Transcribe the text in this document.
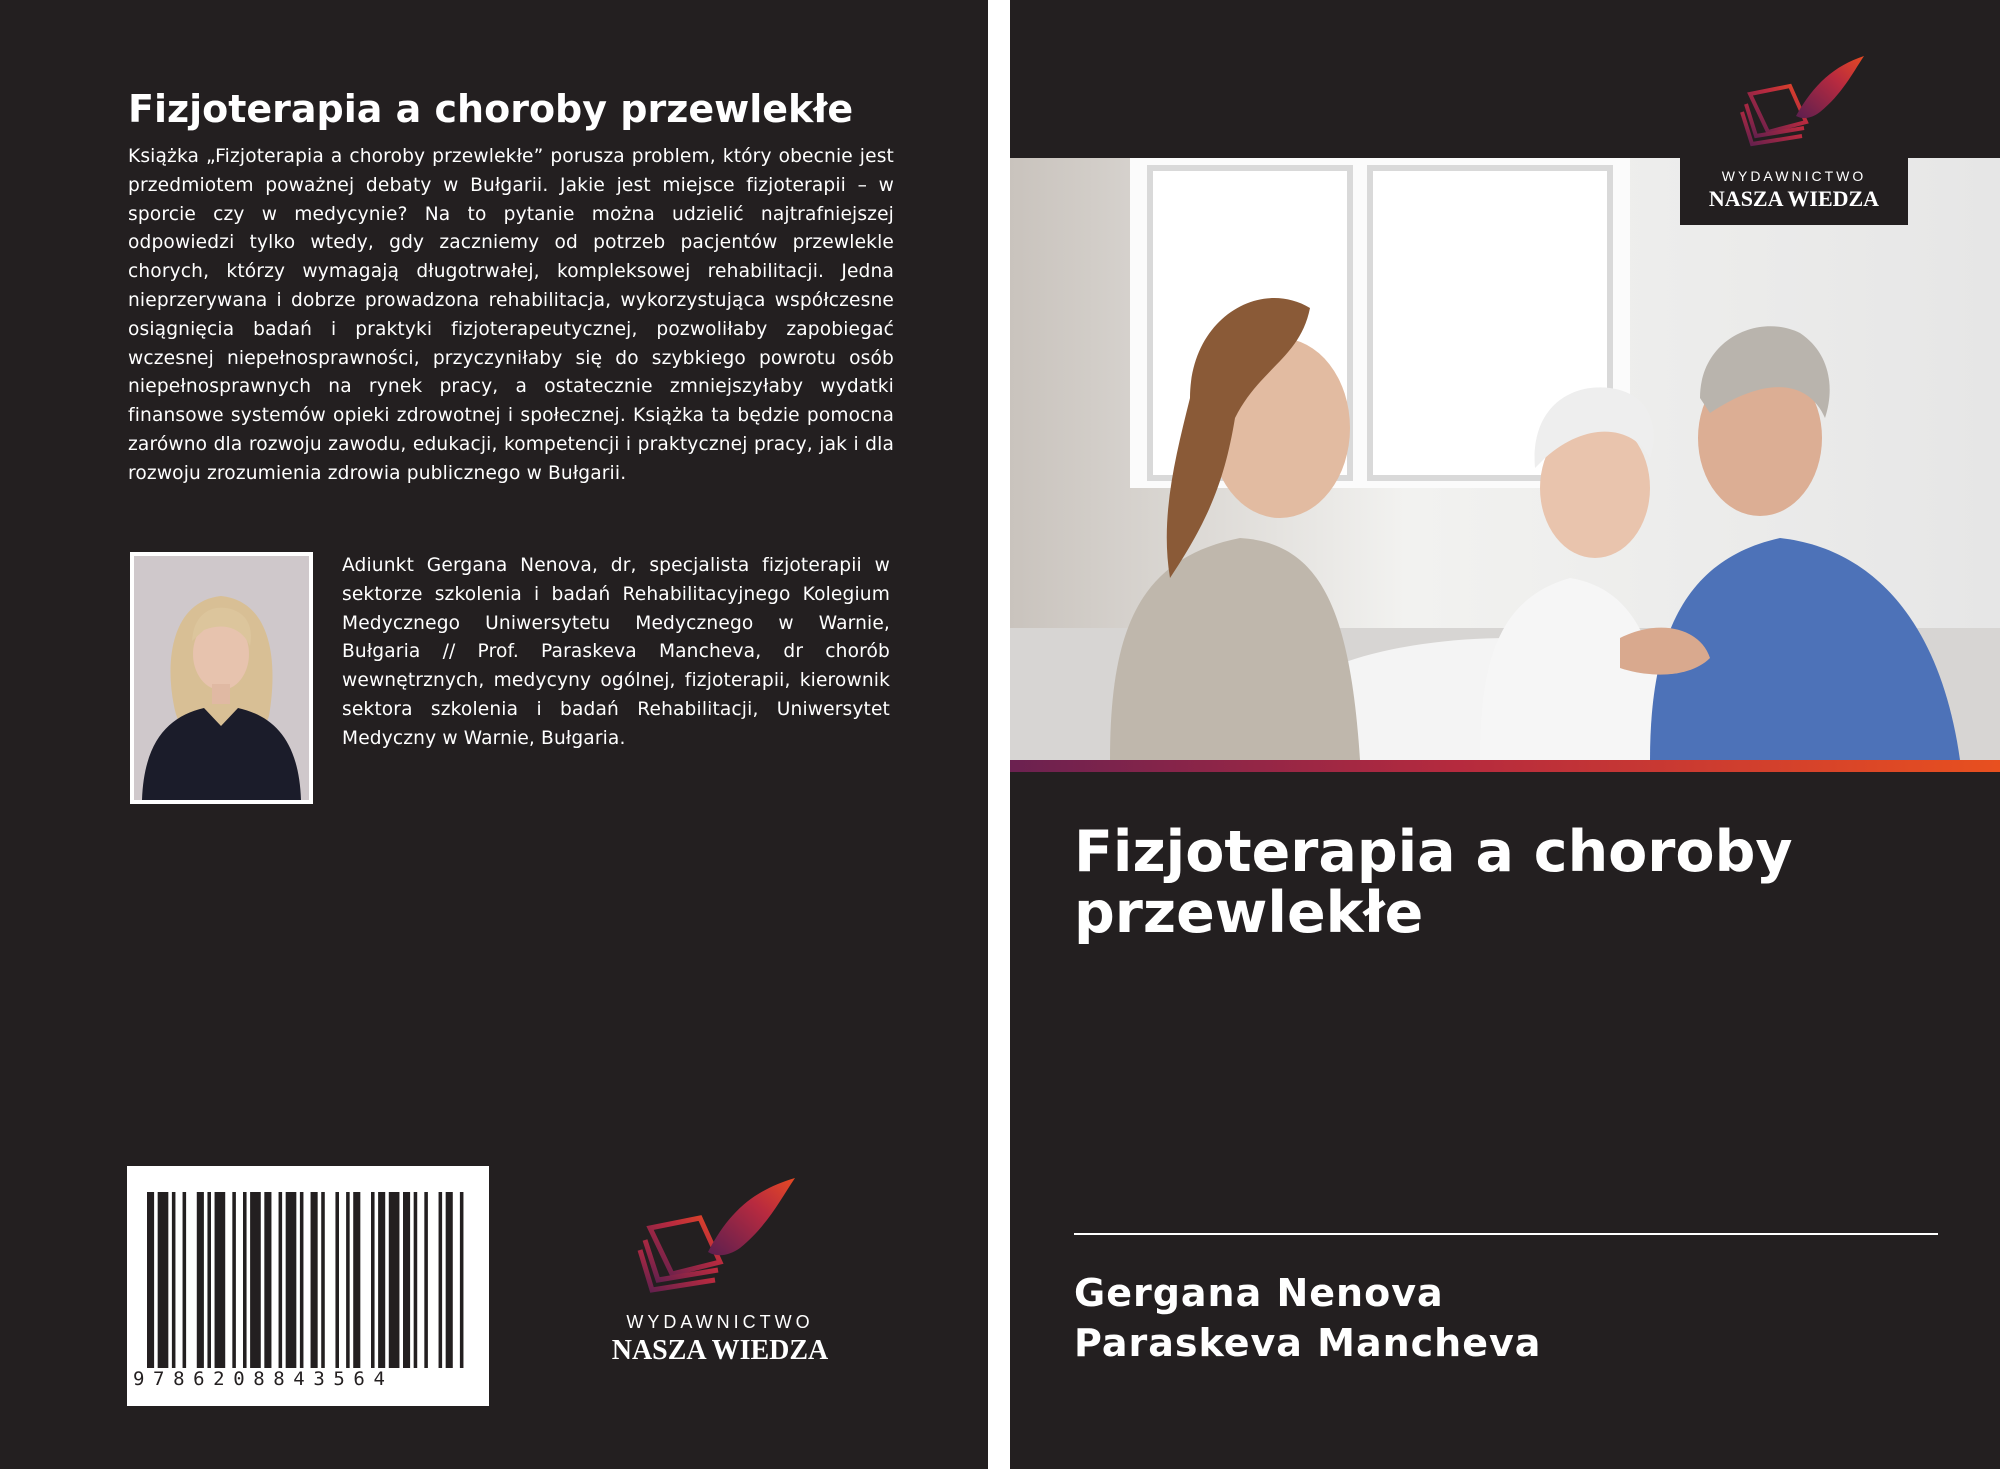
Fizjoterapia a choroby przewlekłe
Książka „Fizjoterapia a choroby przewlekłe” porusza problem, który obecnie jest przedmiotem poważnej debaty w Bułgarii. Jakie jest miejsce fizjoterapii – w sporcie czy w medycynie? Na to pytanie można udzielić najtrafniejszej odpowiedzi tylko wtedy, gdy zaczniemy od potrzeb pacjentów przewlekle chorych, którzy wymagają długotrwałej, kompleksowej rehabilitacji. Jedna nieprzerywana i dobrze prowadzona rehabilitacja, wykorzystująca współczesne osiągnięcia badań i praktyki fizjoterapeutycznej, pozwoliłaby zapobiegać wczesnej niepełnosprawności, przyczyniłaby się do szybkiego powrotu osób niepełnosprawnych na rynek pracy, a ostatecznie zmniejszyłaby wydatki finansowe systemów opieki zdrowotnej i społecznej. Książka ta będzie pomocna zarówno dla rozwoju zawodu, edukacji, kompetencji i praktycznej pracy, jak i dla rozwoju zrozumienia zdrowia publicznego w Bułgarii.
Adiunkt Gergana Nenova, dr, specjalista fizjoterapii w sektorze szkolenia i badań Rehabilitacyjnego Kolegium Medycznego Uniwersytetu Medycznego w Warnie, Bułgaria // Prof. Paraskeva Mancheva, dr chorób wewnętrznych, medycyny ogólnej, fizjoterapii, kierownik sektora szkolenia i badań Rehabilitacji, Uniwersytet Medyczny w Warnie, Bułgaria.
9786208843564
WYDAWNICTWO
NASZA WIEDZA
WYDAWNICTWO
NASZA WIEDZA
Fizjoterapia a choroby przewlekłe
Gergana Nenova
Paraskeva Mancheva
